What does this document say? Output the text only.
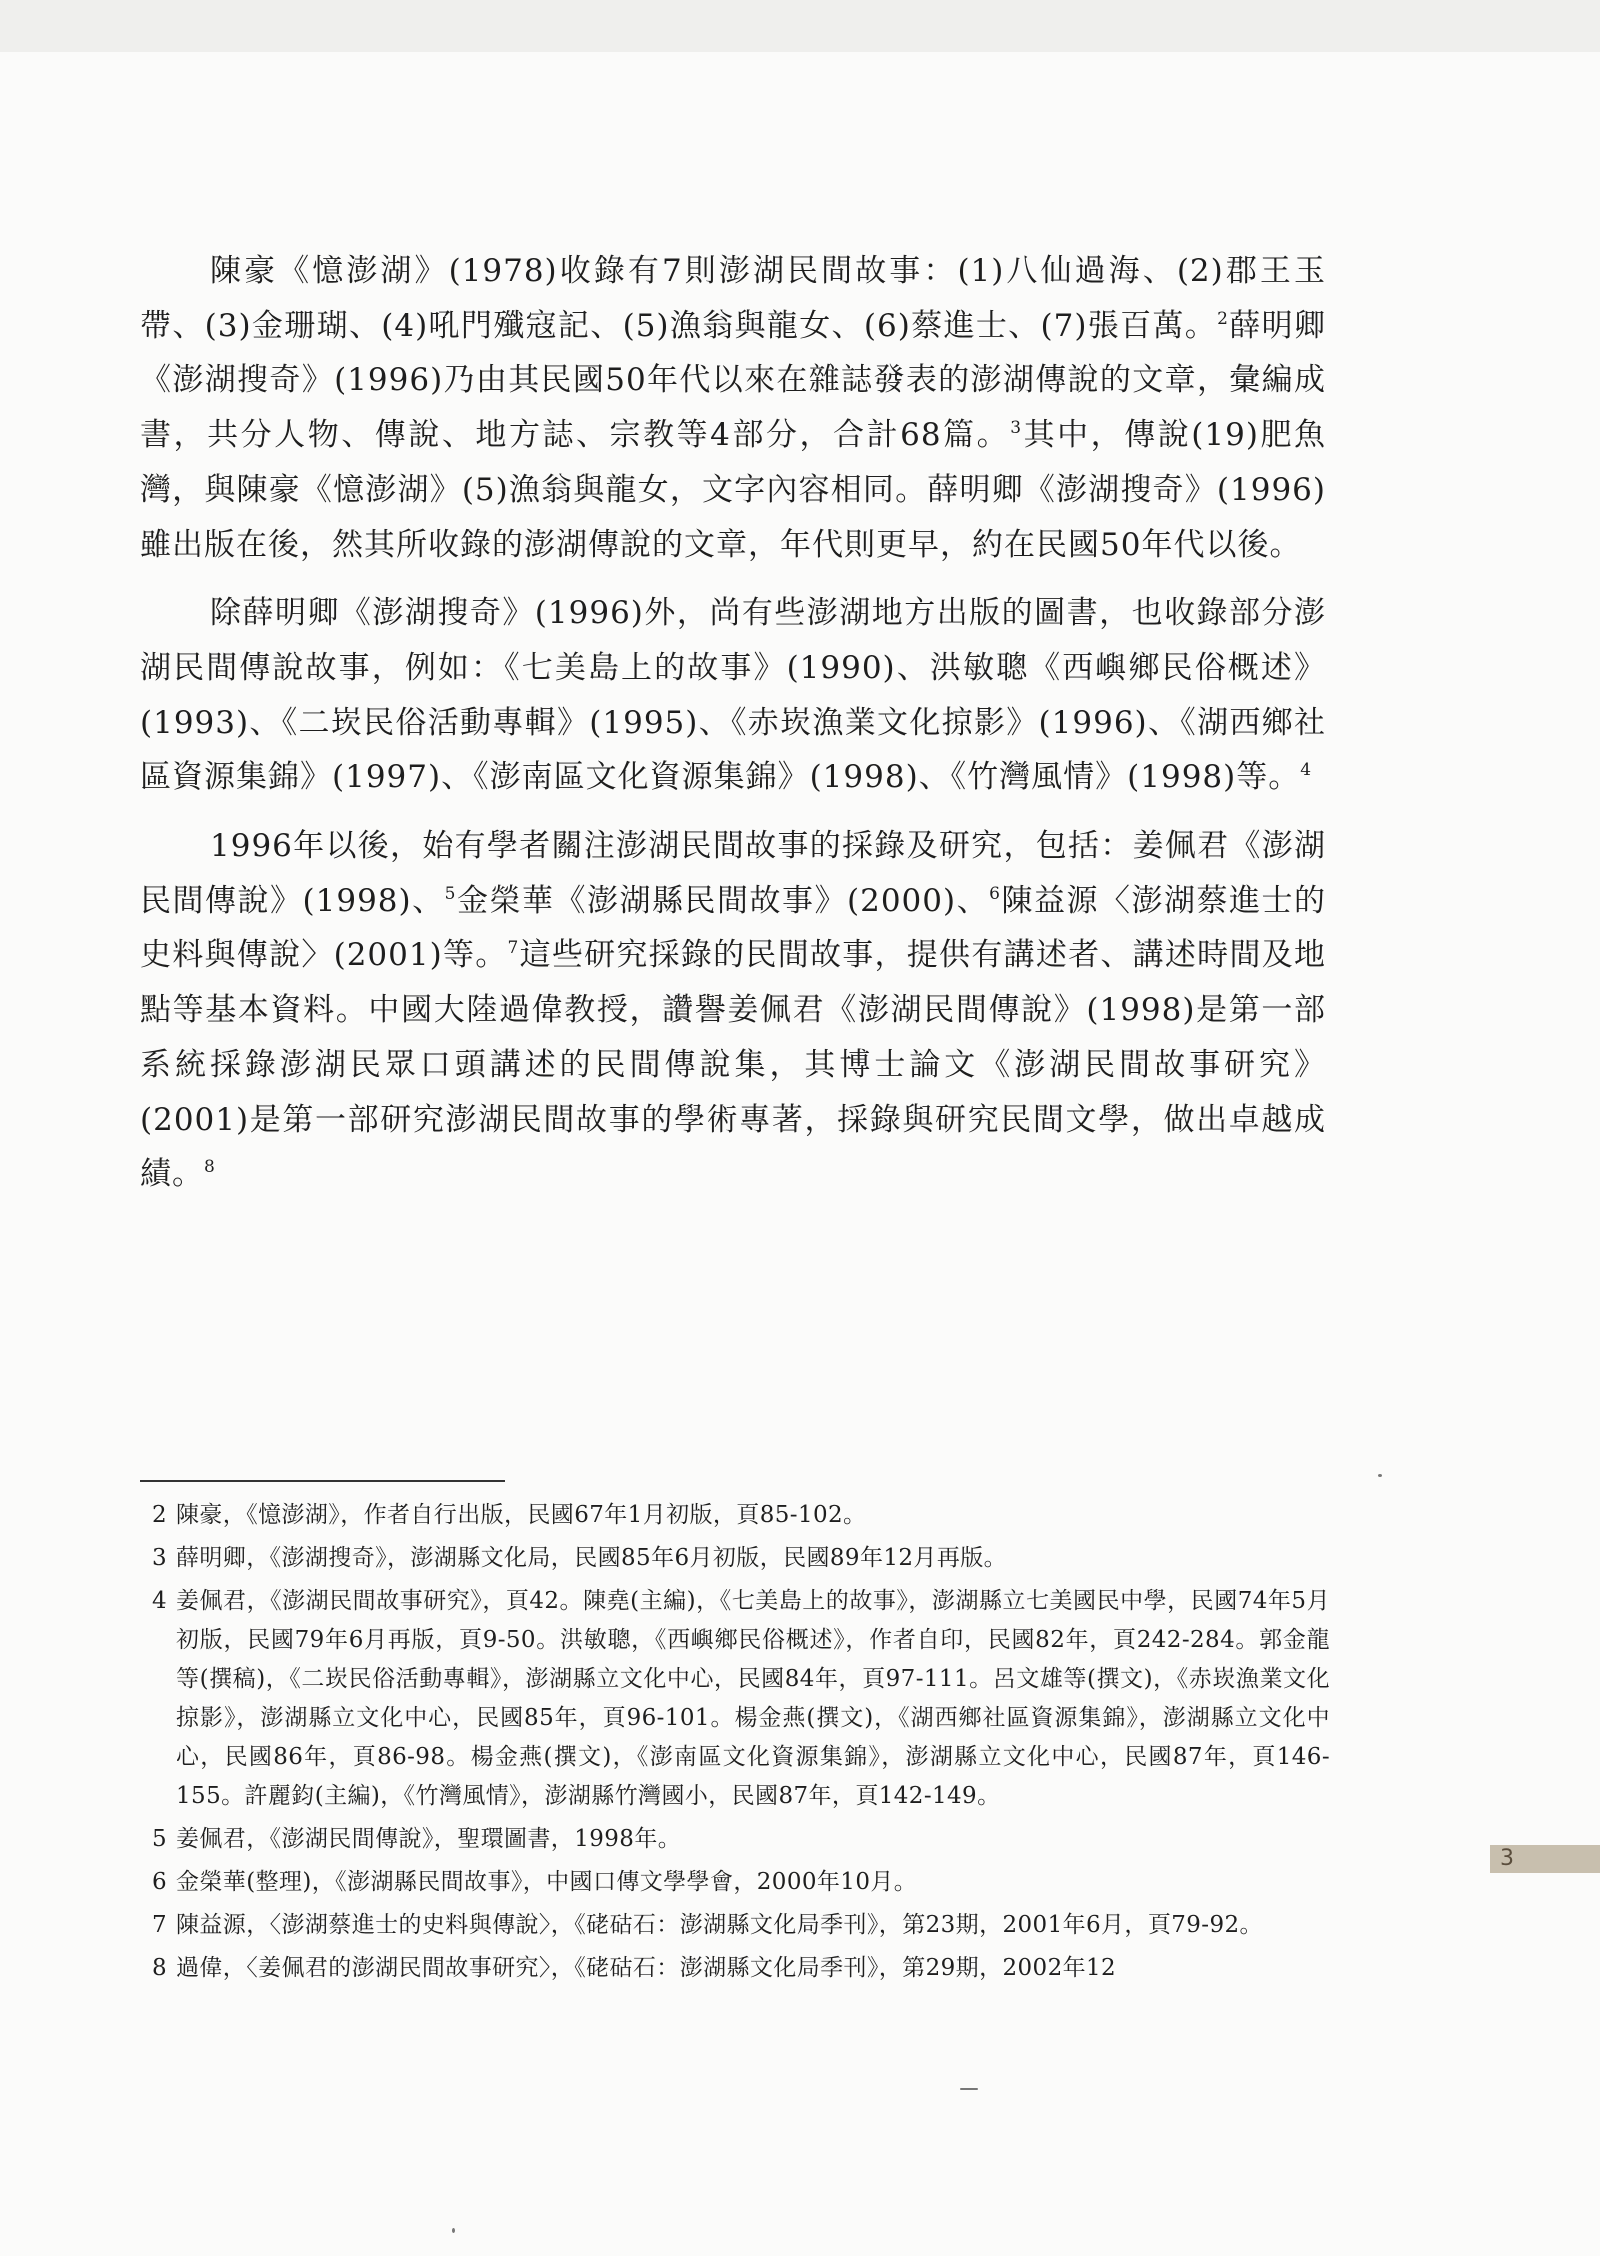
陳豪《憶澎湖》(1978)收錄有7則澎湖民間故事：(1)八仙過海、(2)郡王玉帶、(3)金珊瑚、(4)吼門殲寇記、(5)漁翁與龍女、(6)蔡進士、(7)張百萬。$^2$薛明卿《澎湖搜奇》(1996)乃由其民國50年代以來在雜誌發表的澎湖傳說的文章，彙編成書，共分人物、傳說、地方誌、宗教等4部分，合計68篇。$^3$其中，傳說(19)肥魚灣，與陳豪《憶澎湖》(5)漁翁與龍女，文字內容相同。薛明卿《澎湖搜奇》(1996)雖出版在後，然其所收錄的澎湖傳說的文章，年代則更早，約在民國50年代以後。

除薛明卿《澎湖搜奇》(1996)外，尚有些澎湖地方出版的圖書，也收錄部分澎湖民間傳說故事，例如：《七美島上的故事》(1990)、洪敏聰《西嶼鄉民俗概述》(1993)、《二崁民俗活動專輯》(1995)、《赤崁漁業文化掠影》(1996)、《湖西鄉社區資源集錦》(1997)、《澎南區文化資源集錦》(1998)、《竹灣風情》(1998)等。$^4$

1996年以後，始有學者關注澎湖民間故事的採錄及研究，包括：姜佩君《澎湖民間傳說》(1998)、$^5$金榮華《澎湖縣民間故事》(2000)、$^6$陳益源〈澎湖蔡進士的史料與傳說〉(2001)等。$^7$這些研究採錄的民間故事，提供有講述者、講述時間及地點等基本資料。中國大陸過偉教授，讚譽姜佩君《澎湖民間傳說》(1998)是第一部系統採錄澎湖民眾口頭講述的民間傳說集，其博士論文《澎湖民間故事研究》(2001)是第一部研究澎湖民間故事的學術專著，採錄與研究民間文學，做出卓越成績。$^8$

2 陳豪，《憶澎湖》，作者自行出版，民國67年1月初版，頁85-102。
3 薛明卿，《澎湖搜奇》，澎湖縣文化局，民國85年6月初版，民國89年12月再版。
4 姜佩君，《澎湖民間故事研究》，頁42。陳堯(主編)，《七美島上的故事》，澎湖縣立七美國民中學，民國74年5月初版，民國79年6月再版，頁9-50。洪敏聰，《西嶼鄉民俗概述》，作者自印，民國82年，頁242-284。郭金龍等(撰稿)，《二崁民俗活動專輯》，澎湖縣立文化中心，民國84年，頁97-111。呂文雄等(撰文)，《赤崁漁業文化掠影》，澎湖縣立文化中心，民國85年，頁96-101。楊金燕(撰文)，《湖西鄉社區資源集錦》，澎湖縣立文化中心，民國86年，頁86-98。楊金燕(撰文)，《澎南區文化資源集錦》，澎湖縣立文化中心，民國87年，頁146-155。許麗鈞(主編)，《竹灣風情》，澎湖縣竹灣國小，民國87年，頁142-149。
5 姜佩君，《澎湖民間傳說》，聖環圖書，1998年。
6 金榮華(整理)，《澎湖縣民間故事》，中國口傳文學學會，2000年10月。
7 陳益源，〈澎湖蔡進士的史料與傳說〉，《硓𥑮石：澎湖縣文化局季刊》，第23期，2001年6月，頁79-92。
8 過偉，〈姜佩君的澎湖民間故事研究〉，《硓𥑮石：澎湖縣文化局季刊》，第29期，2002年12
3
